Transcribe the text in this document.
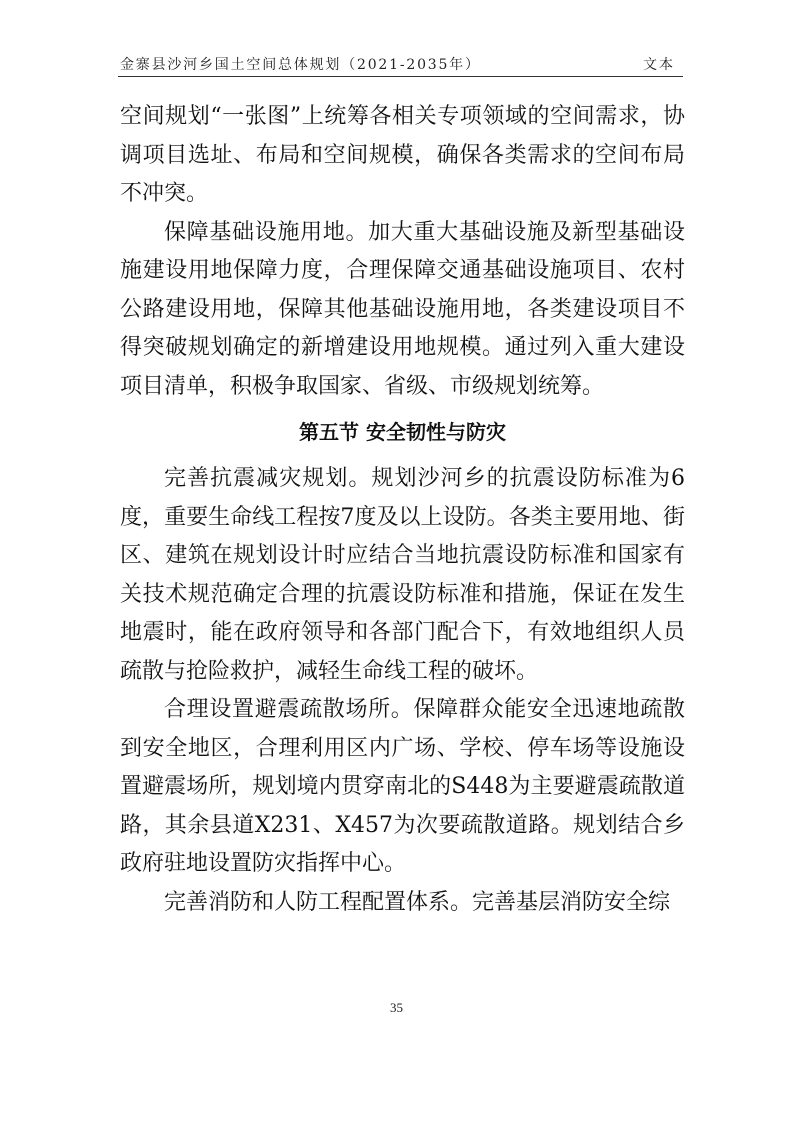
金寨县沙河乡国土空间总体规划（2021-2035年）	文本

空间规划“一张图”上统筹各相关专项领域的空间需求，协调项目选址、布局和空间规模，确保各类需求的空间布局不冲突。

保障基础设施用地。加大重大基础设施及新型基础设施建设用地保障力度，合理保障交通基础设施项目、农村公路建设用地，保障其他基础设施用地，各类建设项目不得突破规划确定的新增建设用地规模。通过列入重大建设项目清单，积极争取国家、省级、市级规划统筹。

第五节 安全韧性与防灾

完善抗震减灾规划。规划沙河乡的抗震设防标准为6度，重要生命线工程按7度及以上设防。各类主要用地、街区、建筑在规划设计时应结合当地抗震设防标准和国家有关技术规范确定合理的抗震设防标准和措施，保证在发生地震时，能在政府领导和各部门配合下，有效地组织人员疏散与抢险救护，减轻生命线工程的破坏。

合理设置避震疏散场所。保障群众能安全迅速地疏散到安全地区，合理利用区内广场、学校、停车场等设施设置避震场所，规划境内贯穿南北的S448为主要避震疏散道路，其余县道X231、X457为次要疏散道路。规划结合乡政府驻地设置防灾指挥中心。

完善消防和人防工程配置体系。完善基层消防安全综

35
